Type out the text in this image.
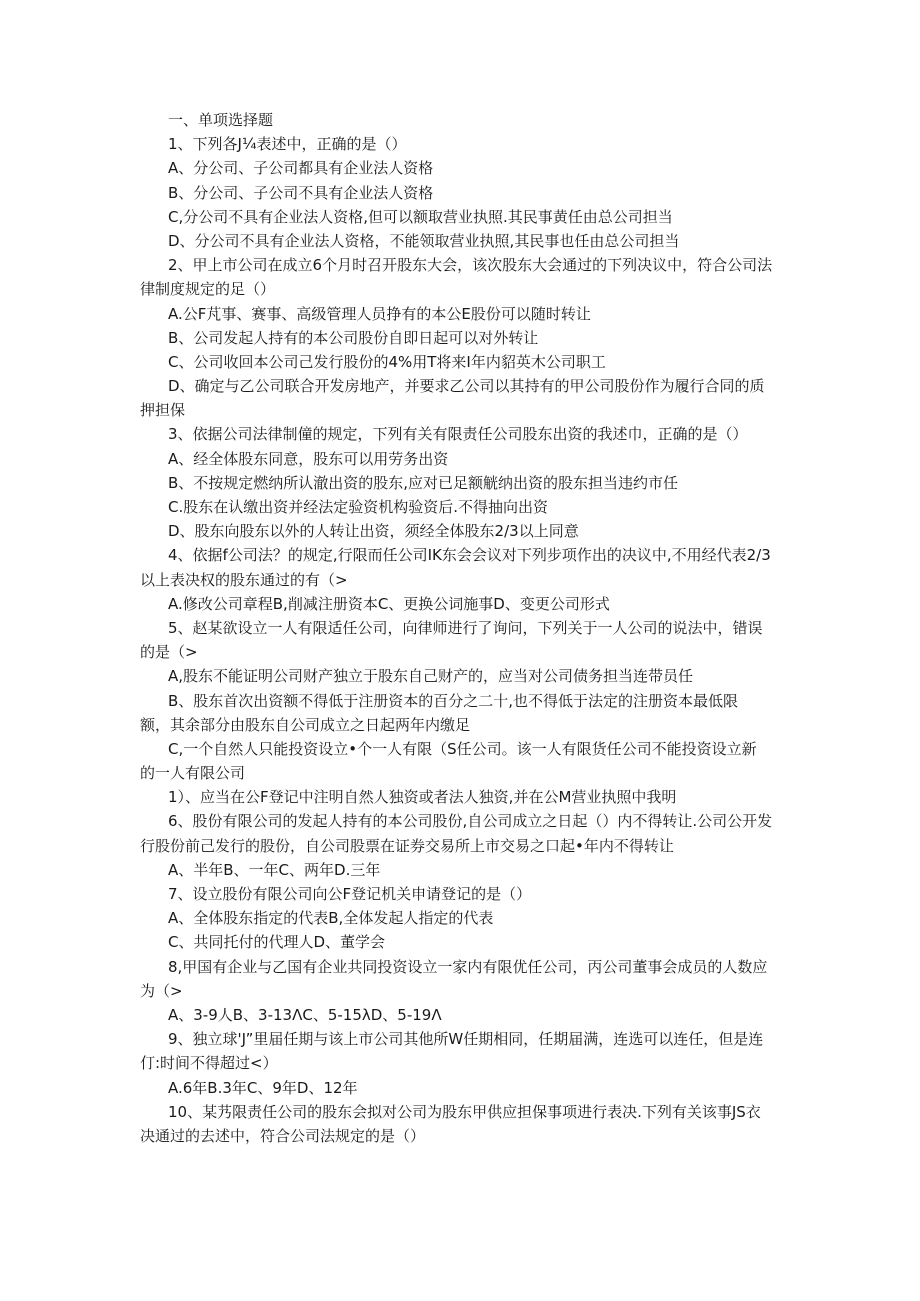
一、单项选择题
1、下列各J¼表述中，正确的是（）
A、分公司、子公司都具有企业法人资格
B、分公司、子公司不具有企业法人资格
C,分公司不具有企业法人资格,但可以额取营业执照.其民事黄任由总公司担当
D、分公司不具有企业法人资格，不能领取营业执照,其民事也任由总公司担当
2、甲上市公司在成立6个月时召开股东大会，该次股东大会通过的下列决议中，符合公司法
律制度规定的足（）
A.公F芃事、赛事、高级管理人员挣有的本公E股份可以随时转让
B、公司发起人持有的本公司股份自即日起可以对外转让
C、公司收回本公司己发行股份的4%用T将来I年内貂英木公司职工
D、确定与乙公司联合开发房地产，并要求乙公司以其持有的甲公司股份作为履行合同的质
押担保
3、依据公司法律制僮的规定，下列有关有限责任公司股东出资的我述巾，正确的是（）
A、经全体股东同意，股东可以用劳务出资
B、不按规定燃纳所认澈出资的股东,应对已足额觥纳出资的股东担当违约市任
C.股东在认缴出资并经法定验资机构验资后.不得抽向出资
D、股东向股东以外的人转让出资，须经全体股东2/3以上同意
4、依据f公司法？的规定,行限而任公司IK东会会议对下列步项作出的决议中,不用经代表2/3
以上表决权的股东通过的有（>
A.修改公司章程B,削减注册资本C、更换公词施事D、变更公司形式
5、赵某欲设立一人有限适任公司，向律师进行了询问，下列关于一人公司的说法中，错误
的是（>
A,股东不能证明公司财产独立于股东自己财产的，应当对公司债务担当连带员任
B、股东首次出资额不得低于注册资本的百分之二十,也不得低于法定的注册资本最低限
额，其余部分由股东自公司成立之日起两年内缴足
C,一个自然人只能投资设立•个一人有限（S任公司。该一人有限货任公司不能投资设立新
的一人有限公司
1）、应当在公F登记中注明自然人独资或者法人独资,并在公M营业执照中我明
6、股份有限公司的发起人持有的本公司股份,自公司成立之日起（）内不得转让.公司公开发
行股份前己发行的股份，自公司股票在证券交易所上市交易之口起•年内不得转让
A、半年B、一年C、两年D.三年
7、设立股份有限公司向公F登记机关申请登记的是（）
A、全体股东指定的代表B,全体发起人指定的代表
C、共同托付的代理人D、董学会
8,甲国有企业与乙国有企业共同投资设立一家内有限优任公司，丙公司董事会成员的人数应
为（>
A、3-9人B、3-13ΛC、5-15λD、5-19Λ
9、独立球'J”里届任期与该上市公司其他所W任期相同，任期届满，连选可以连任，但是连
仃:时间不得超过<）
A.6年B.3年C、9年D、12年
10、某艿限责任公司的股东会拟对公司为股东甲供应担保事项进行表决.下列有关该事JS衣
决通过的去述中，符合公司法规定的是（）
